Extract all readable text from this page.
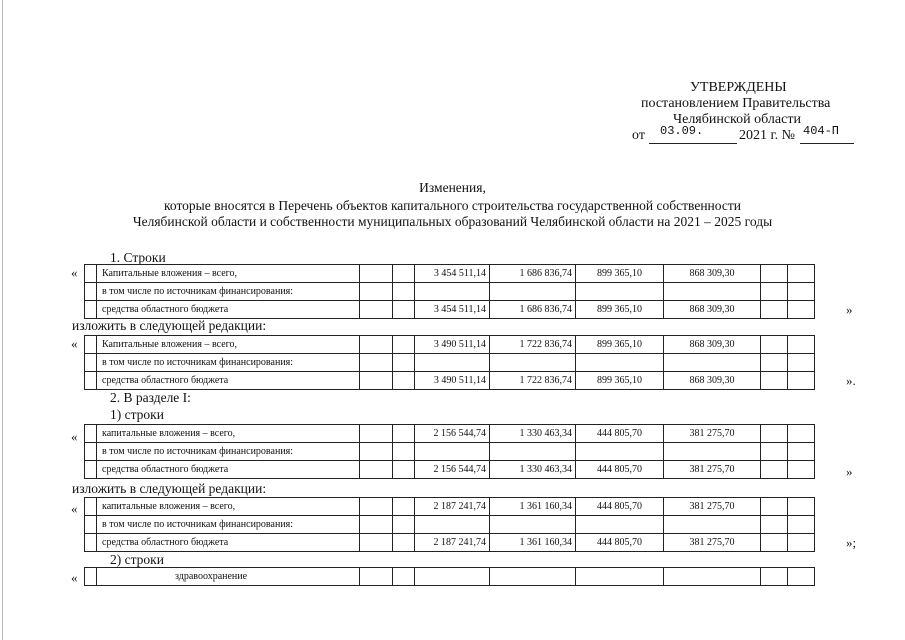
УТВЕРЖДЕНЫ
постановлением Правительства
Челябинской области
от 03.09.	2021 г. № 404-П
Изменения,
которые вносятся в Перечень объектов капитального строительства государственной собственности
Челябинской области и собственности муниципальных образований Челябинской области на 2021 – 2025 годы
1. Строки
«
	Капитальные вложения – всего,			3 454 511,14	1 686 836,74	899 365,10	868 309,30		
	в том числе по источникам финансирования:								
	средства областного бюджета			3 454 511,14	1 686 836,74	899 365,10	868 309,30			»
изложить в следующей редакции:
«
	Капитальные вложения – всего,			3 490 511,14	1 722 836,74	899 365,10	868 309,30		
	в том числе по источникам финансирования:								
	средства областного бюджета			3 490 511,14	1 722 836,74	899 365,10	868 309,30			».
2. В разделе I:
1) строки
«
	капитальные вложения – всего,			2 156 544,74	1 330 463,34	444 805,70	381 275,70		
	в том числе по источникам финансирования:								
	средства областного бюджета			2 156 544,74	1 330 463,34	444 805,70	381 275,70			»
изложить в следующей редакции:
«
	капитальные вложения – всего,			2 187 241,74	1 361 160,34	444 805,70	381 275,70		
	в том числе по источникам финансирования:								
	средства областного бюджета			2 187 241,74	1 361 160,34	444 805,70	381 275,70			»;
2) строки
«
		здравоохранение								
